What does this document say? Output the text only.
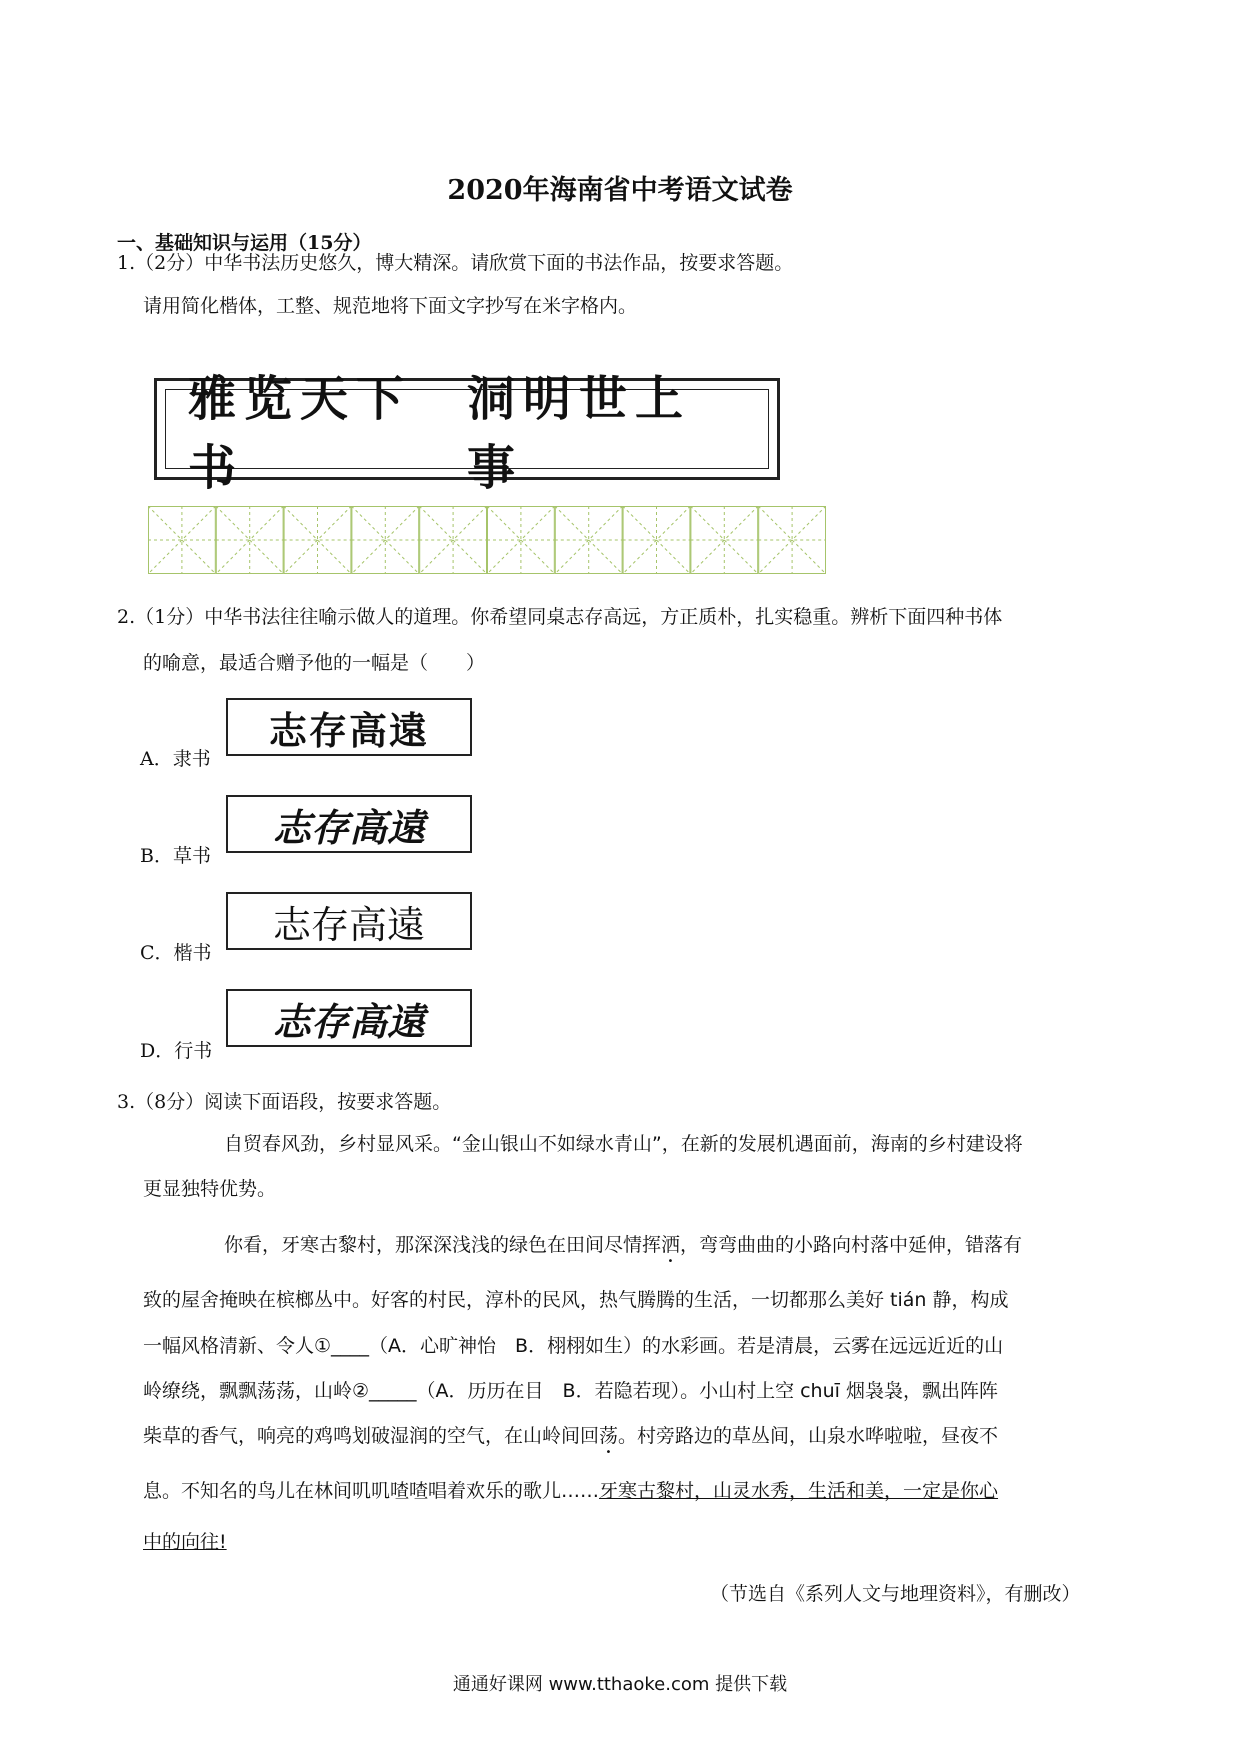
2020年海南省中考语文试卷
一、基础知识与运用（15分）
1.（2分）中华书法历史悠久，博大精深。请欣赏下面的书法作品，按要求答题。
请用简化楷体，工整、规范地将下面文字抄写在米字格内。
雅览天下书
洞明世上事
2.（1分）中华书法往往喻示做人的道理。你希望同桌志存高远，方正质朴，扎实稳重。辨析下面四种书体
的喻意，最适合赠予他的一幅是（　　）
志存高遠
A．隶书
志存高遠
B．草书
志存高遠
C．楷书
志存高遠
D．行书
3.（8分）阅读下面语段，按要求答题。
自贸春风劲，乡村显风采。“金山银山不如绿水青山”，在新的发展机遇面前，海南的乡村建设将
更显独特优势。
你看，牙寒古黎村，那深深浅浅的绿色在田间尽情挥洒，弯弯曲曲的小路向村落中延伸，错落有
致的屋舍掩映在槟榔丛中。好客的村民，淳朴的民风，热气腾腾的生活，一切都那么美好 tián 静，构成
一幅风格清新、令人①____（A．心旷神怡　B．栩栩如生）的水彩画。若是清晨，云雾在远远近近的山
岭缭绕，飘飘荡荡，山岭②_____（A．历历在目　B．若隐若现）。小山村上空 chuī 烟袅袅，飘出阵阵
柴草的香气，响亮的鸡鸣划破湿润的空气，在山岭间回荡。村旁路边的草丛间，山泉水哗啦啦，昼夜不
息。不知名的鸟儿在林间叽叽喳喳唱着欢乐的歌儿……牙寒古黎村，山灵水秀，生活和美，一定是你心
中的向往!
（节选自《系列人文与地理资料》，有删改）
通通好课网 www.tthaoke.com 提供下载
